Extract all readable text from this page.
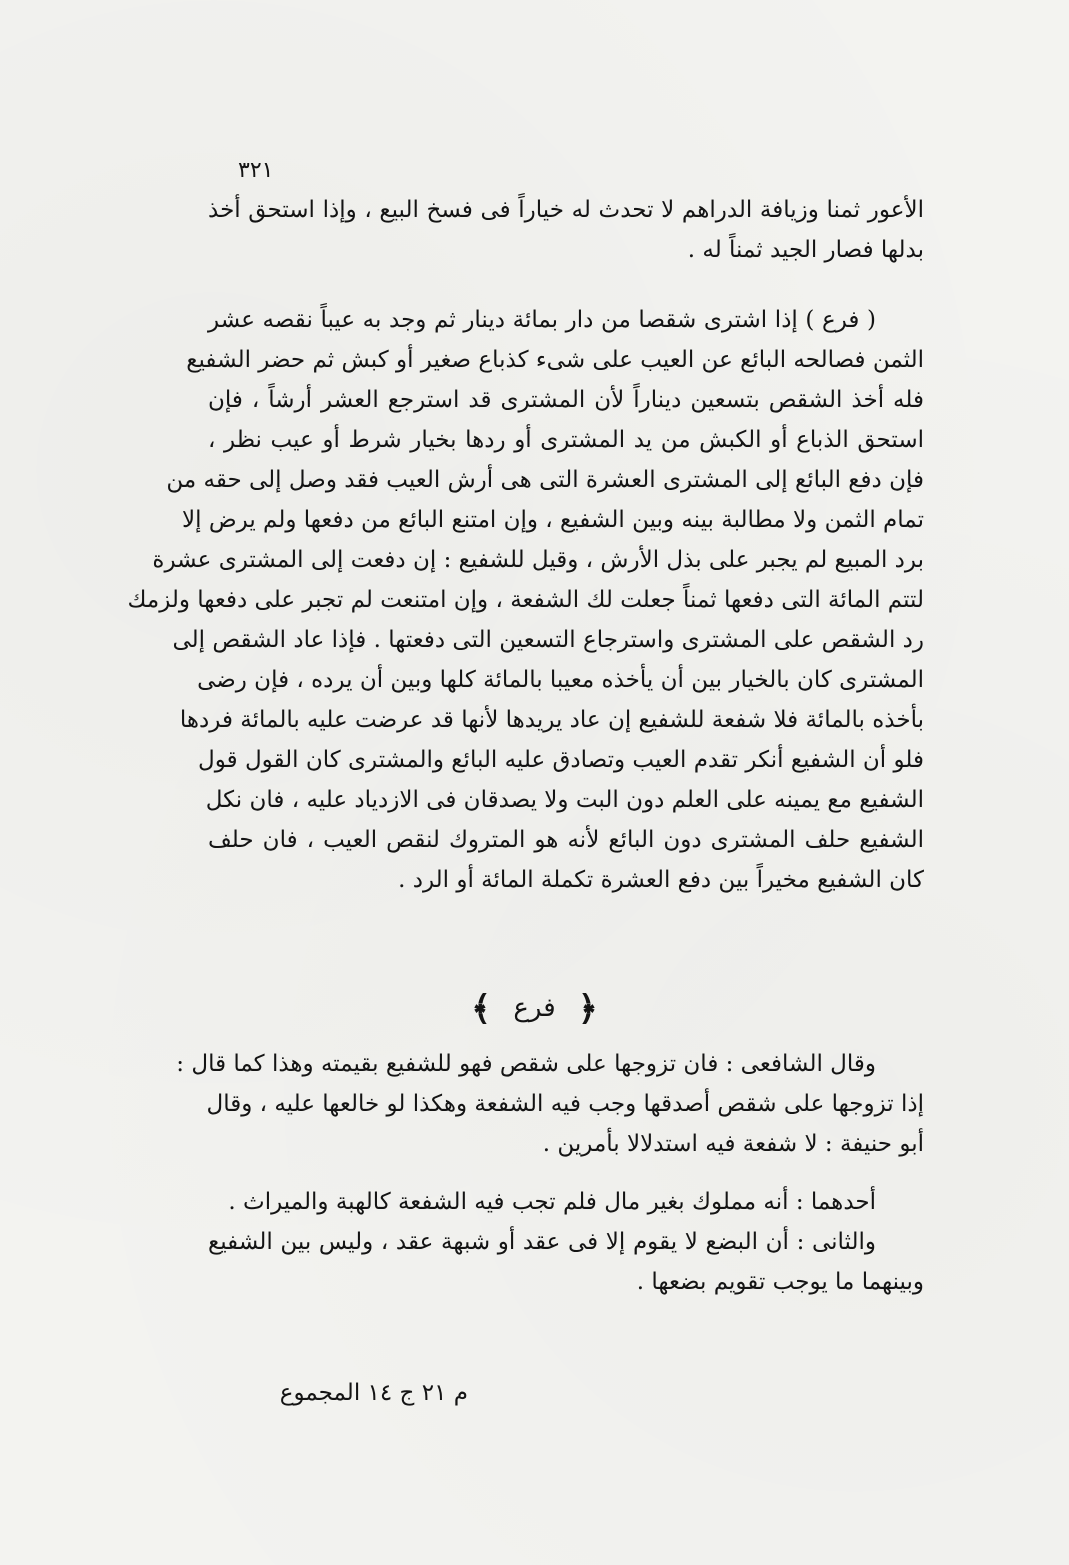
٣٢١
الأعور ثمنا وزيافة الدراهم لا تحدث له خياراً فى فسخ البيع ، وإذا استحق أخذ
بدلها فصار الجيد ثمناً له .
( فرع ) إذا اشترى شقصا من دار بمائة دينار ثم وجد به عيباً نقصه عشر
الثمن فصالحه البائع عن العيب على شىء كذباع صغير أو كبش ثم حضر الشفيع
فله أخذ الشقص بتسعين ديناراً لأن المشترى قد استرجع العشر أرشاً ، فإن
استحق الذباع أو الكبش من يد المشترى أو ردها بخيار شرط أو عيب نظر ،
فإن دفع البائع إلى المشترى العشرة التى هى أرش العيب فقد وصل إلى حقه من
تمام الثمن ولا مطالبة بينه وبين الشفيع ، وإن امتنع البائع من دفعها ولم يرض إلا
برد المبيع لم يجبر على بذل الأرش ، وقيل للشفيع : إن دفعت إلى المشترى عشرة
لتتم المائة التى دفعها ثمناً جعلت لك الشفعة ، وإن امتنعت لم تجبر على دفعها ولزمك
رد الشقص على المشترى واسترجاع التسعين التى دفعتها . فإذا عاد الشقص إلى
المشترى كان بالخيار بين أن يأخذه معيبا بالمائة كلها وبين أن يرده ، فإن رضى
بأخذه بالمائة فلا شفعة للشفيع إن عاد يريدها لأنها قد عرضت عليه بالمائة فردها
فلو أن الشفيع أنكر تقدم العيب وتصادق عليه البائع والمشترى كان القول قول
الشفيع مع يمينه على العلم دون البت ولا يصدقان فى الازدياد عليه ، فان نكل
الشفيع حلف المشترى دون البائع لأنه هو المتروك لنقص العيب ، فان حلف
كان الشفيع مخيراً بين دفع العشرة تكملة المائة أو الرد .
﴿ فرع ﴾
وقال الشافعى : فان تزوجها على شقص فهو للشفيع بقيمته وهذا كما قال :
إذا تزوجها على شقص أصدقها وجب فيه الشفعة وهكذا لو خالعها عليه ، وقال
أبو حنيفة : لا شفعة فيه استدلالا بأمرين .
أحدهما : أنه مملوك بغير مال فلم تجب فيه الشفعة كالهبة والميراث .
والثانى : أن البضع لا يقوم إلا فى عقد أو شبهة عقد ، وليس بين الشفيع
وبينهما ما يوجب تقويم بضعها .
م ٢١ ج ١٤ المجموع
